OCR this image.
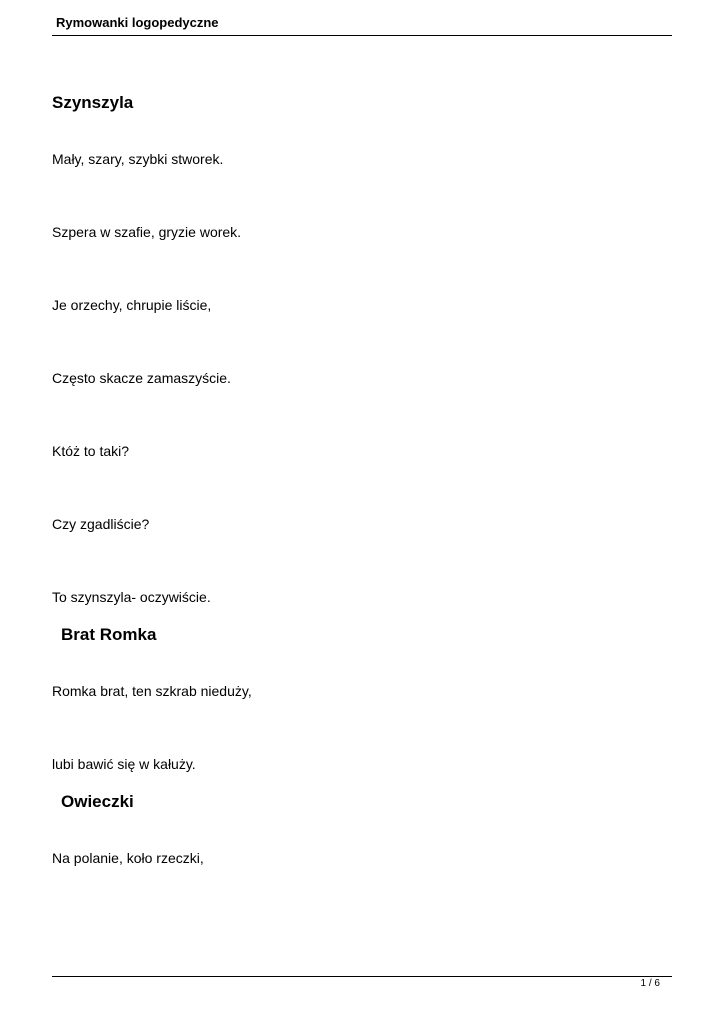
Rymowanki logopedyczne
Szynszyla
Mały, szary, szybki stworek.
Szpera w szafie, gryzie worek.
Je orzechy, chrupie liście,
Często skacze zamaszyście.
Któż to taki?
Czy zgadliście?
To szynszyla- oczywiście.
Brat Romka
Romka brat, ten szkrab nieduży,
lubi bawić się w kałuży.
Owieczki
Na polanie, koło rzeczki,
1 / 6
